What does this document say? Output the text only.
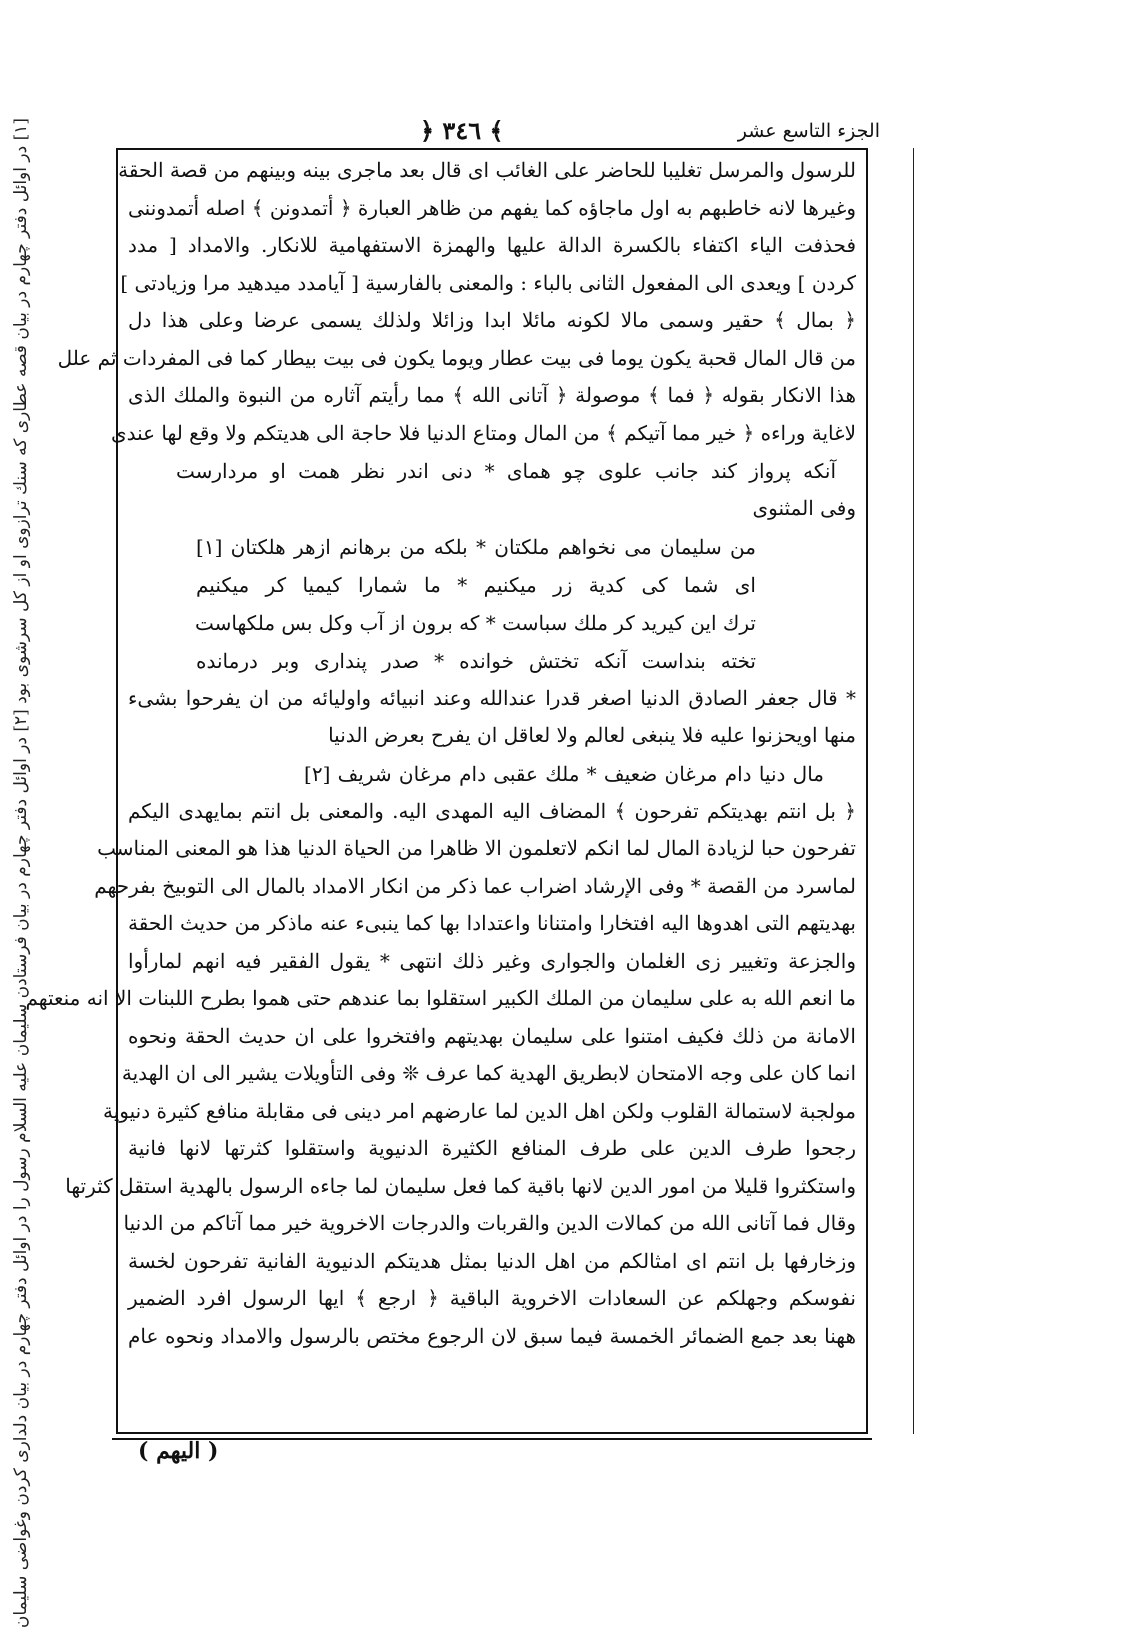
الجزء التاسع عشر
﴿ ٣٤٦ ﴾
[١] در اوائل دفتر چهارم در بيان قصه عطارى كه سنك ترازوى او از كل سرشوى بود [٢] در اوائل دفتر چهارم در بيان فرستادن سليمان عليه السلام رسول را در اوائل دفتر چهارم در بيان دلدارى كردن وغواضى سليمان
للرسول والمرسل تغليبا للحاضر على الغائب اى قال بعد ماجرى بينه وبينهم من قصة الحقة
وغيرها لانه خاطبهم به اول ماجاؤه كما يفهم من ظاهر العبارة ﴿ أتمدونن ﴾ اصله أتمدوننى
فحذفت الياء اكتفاء بالكسرة الدالة عليها والهمزة الاستفهامية للانكار. والامداد [ مدد
كردن ] ويعدى الى المفعول الثانى بالباء : والمعنى بالفارسية [ آيامدد ميدهيد مرا وزيادتى ]
﴿ بمال ﴾ حقير وسمى مالا لكونه مائلا ابدا وزائلا ولذلك يسمى عرضا وعلى هذا دل
من قال المال قحبة يكون يوما فى بيت عطار ويوما يكون فى بيت بيطار كما فى المفردات ثم علل
هذا الانكار بقوله ﴿ فما ﴾ موصولة ﴿ آتانى الله ﴾ مما رأيتم آثاره من النبوة والملك الذى
لاغاية وراءه ﴿ خير مما آتيكم ﴾ من المال ومتاع الدنيا فلا حاجة الى هديتكم ولا وقع لها عندى
آنكه پرواز كند جانب علوى چو هماى * دنى اندر نظر همت او مردارست
وفى المثنوى
من سليمان مى نخواهم ملكتان * بلكه من برهانم ازهر هلكتان [١]
اى شما كى كدية زر ميكنيم * ما شمارا كيميا كر ميكنيم
ترك اين كيريد كر ملك سباست * كه برون از آب وكل بس ملكهاست
تخته بنداست آنكه تختش خوانده * صدر پندارى وبر درمانده
* قال جعفر الصادق الدنيا اصغر قدرا عندالله وعند انبيائه واوليائه من ان يفرحوا بشىء
منها اويحزنوا عليه فلا ينبغى لعالم ولا لعاقل ان يفرح بعرض الدنيا
مال دنيا دام مرغان ضعيف * ملك عقبى دام مرغان شريف [٢]
﴿ بل انتم بهديتكم تفرحون ﴾ المضاف اليه المهدى اليه. والمعنى بل انتم بمايهدى اليكم
تفرحون حبا لزيادة المال لما انكم لاتعلمون الا ظاهرا من الحياة الدنيا هذا هو المعنى المناسب
لماسرد من القصة * وفى الإرشاد اضراب عما ذكر من انكار الامداد بالمال الى التوبيخ بفرحهم
بهديتهم التى اهدوها اليه افتخارا وامتنانا واعتدادا بها كما ينبىء عنه ماذكر من حديث الحقة
والجزعة وتغيير زى الغلمان والجوارى وغير ذلك انتهى * يقول الفقير فيه انهم لمارأوا
ما انعم الله به على سليمان من الملك الكبير استقلوا بما عندهم حتى هموا بطرح اللبنات الا انه منعتهم
الامانة من ذلك فكيف امتنوا على سليمان بهديتهم وافتخروا على ان حديث الحقة ونحوه
انما كان على وجه الامتحان لابطريق الهدية كما عرف ❊ وفى التأويلات يشير الى ان الهدية
مولجبة لاستمالة القلوب ولكن اهل الدين لما عارضهم امر دينى فى مقابلة منافع كثيرة دنيوية
رجحوا طرف الدين على طرف المنافع الكثيرة الدنيوية واستقلوا كثرتها لانها فانية
واستكثروا قليلا من امور الدين لانها باقية كما فعل سليمان لما جاءه الرسول بالهدية استقل كثرتها
وقال فما آتانى الله من كمالات الدين والقربات والدرجات الاخروية خير مما آتاكم من الدنيا
وزخارفها بل انتم اى امثالكم من اهل الدنيا بمثل هديتكم الدنيوية الفانية تفرحون لخسة
نفوسكم وجهلكم عن السعادات الاخروية الباقية ﴿ ارجع ﴾ ايها الرسول افرد الضمير
ههنا بعد جمع الضمائر الخمسة فيما سبق لان الرجوع مختص بالرسول والامداد ونحوه عام
( اليهم )
